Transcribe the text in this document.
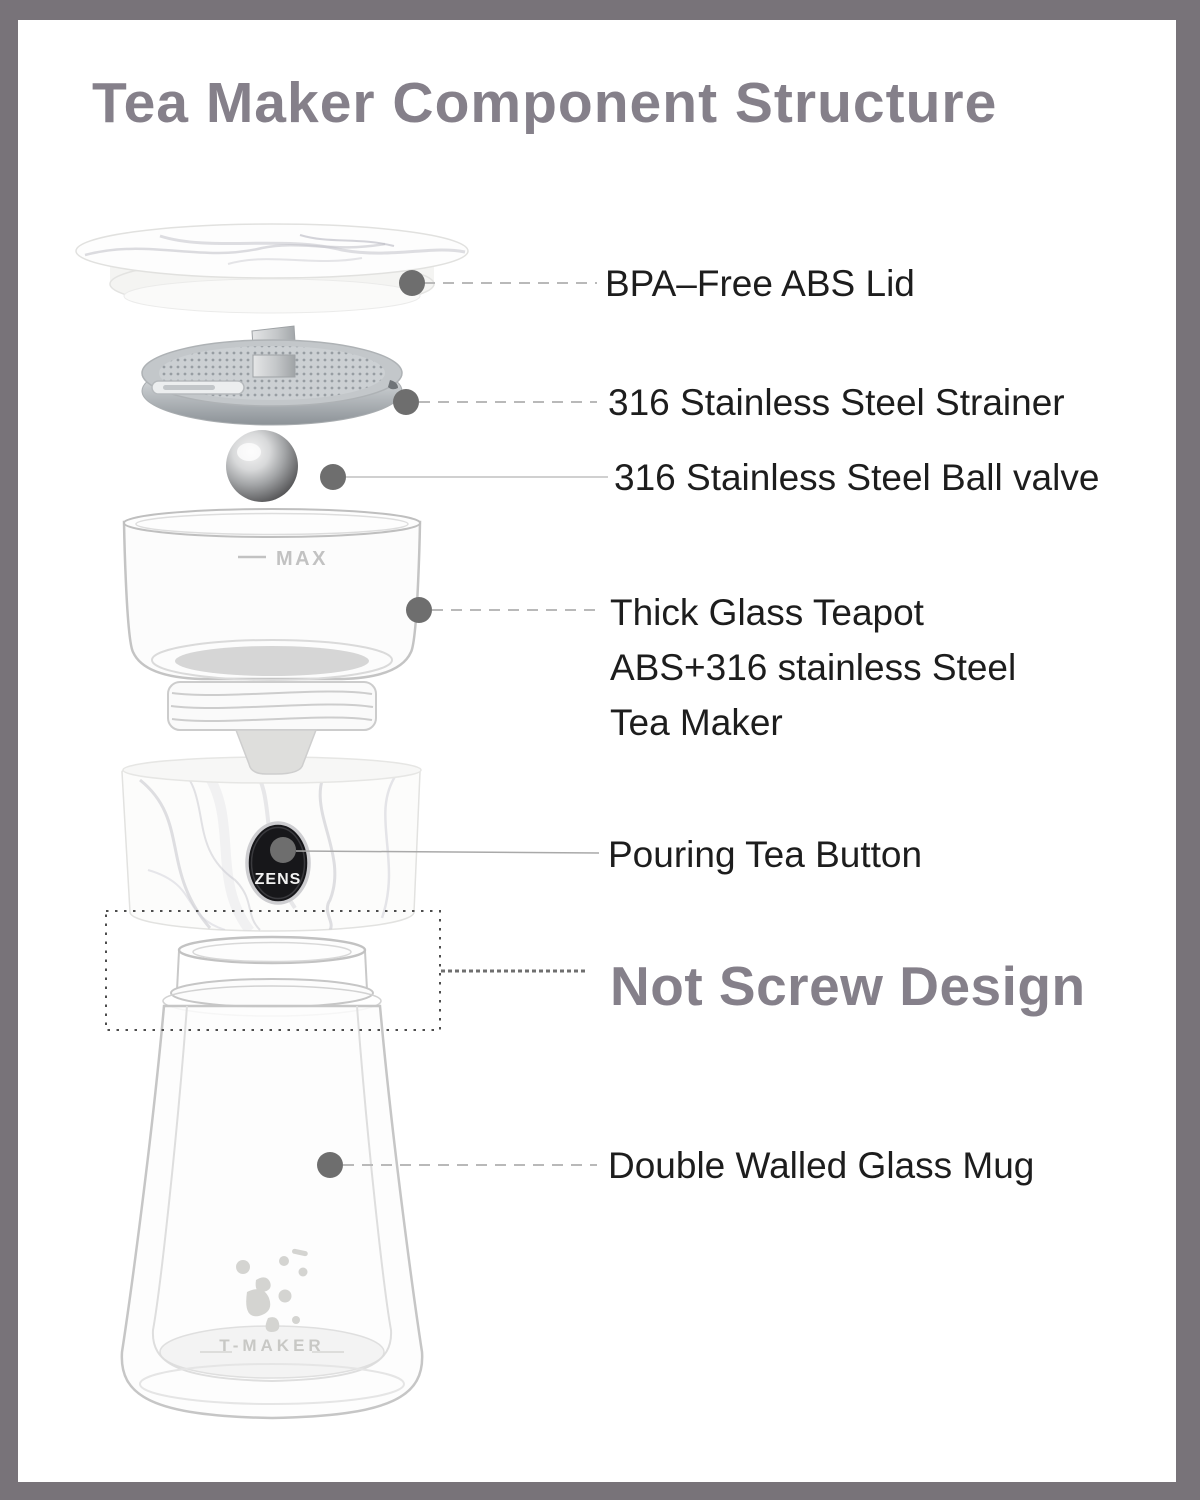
MAX
ZENS
T-MAKER
Tea Maker Component Structure
BPA–Free ABS Lid
316 Stainless Steel Strainer
316 Stainless Steel Ball valve
Thick Glass Teapot
ABS+316 stainless Steel
Tea Maker
Pouring Tea Button
Not Screw Design
Double Walled Glass Mug
